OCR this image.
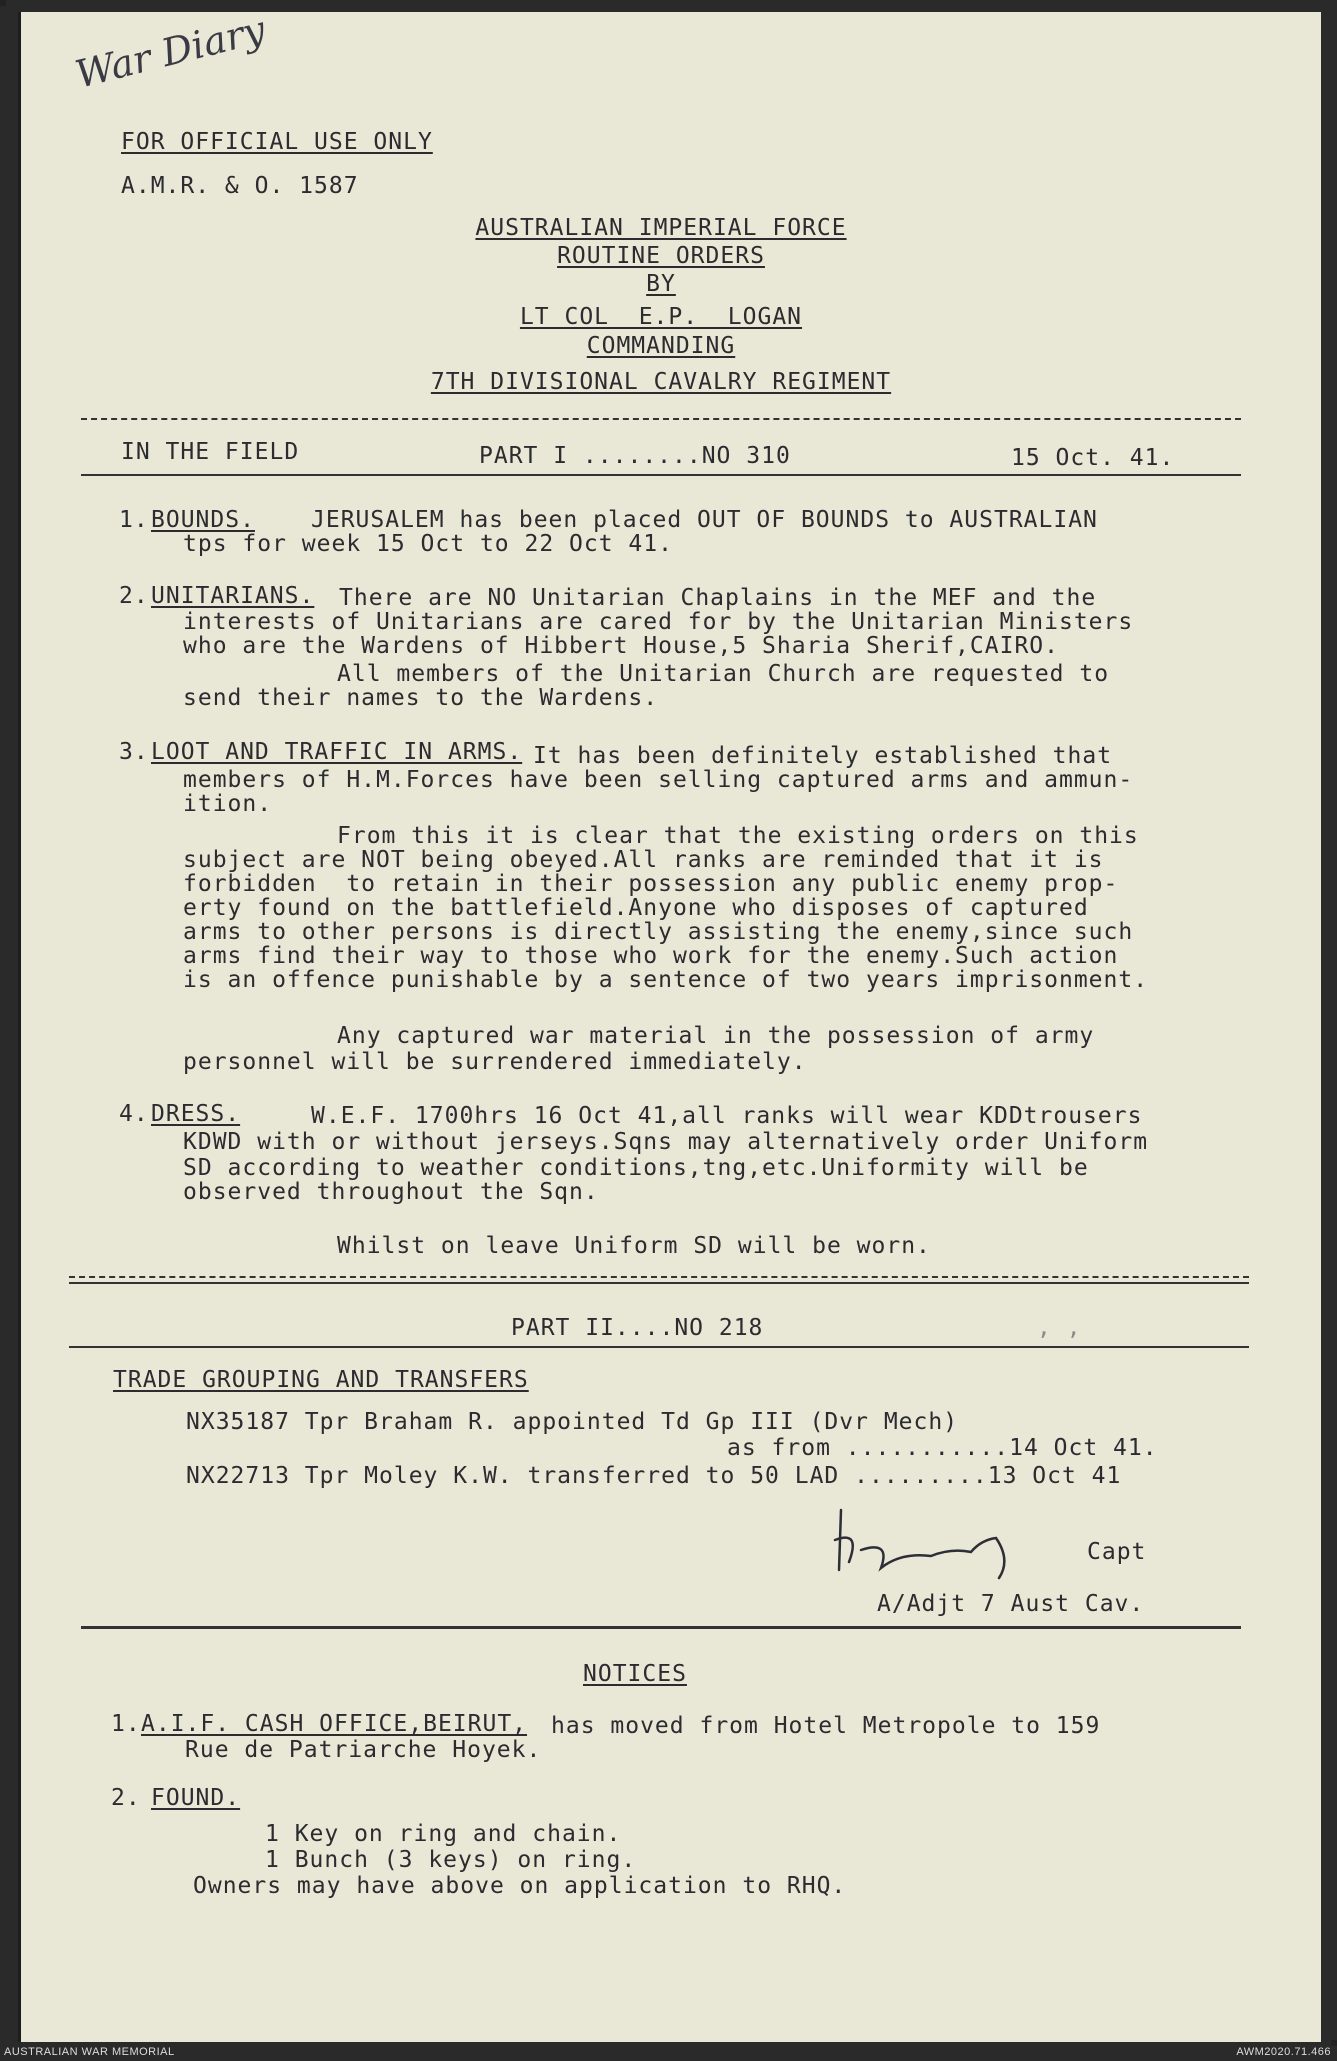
War Diary
FOR OFFICIAL USE ONLY
A.M.R. & O. 1587
AUSTRALIAN IMPERIAL FORCE
ROUTINE ORDERS
BY
LT COL  E.P.  LOGAN
COMMANDING
7TH DIVISIONAL CAVALRY REGIMENT
IN THE FIELD	PART I ........NO 310	15 Oct. 41.
1. BOUNDS. JERUSALEM has been placed OUT OF BOUNDS to AUSTRALIAN
tps for week 15 Oct to 22 Oct 41.
2. UNITARIANS. There are NO Unitarian Chaplains in the MEF and the
interests of Unitarians are cared for by the Unitarian Ministers
who are the Wardens of Hibbert House,5 Sharia Sherif,CAIRO.
All members of the Unitarian Church are requested to
send their names to the Wardens.
3. LOOT AND TRAFFIC IN ARMS. It has been definitely established that
members of H.M.Forces have been selling captured arms and ammun-
ition.
From this it is clear that the existing orders on this
subject are NOT being obeyed.All ranks are reminded that it is
forbidden  to retain in their possession any public enemy prop-
erty found on the battlefield.Anyone who disposes of captured
arms to other persons is directly assisting the enemy,since such
arms find their way to those who work for the enemy.Such action
is an offence punishable by a sentence of two years imprisonment.
Any captured war material in the possession of army
personnel will be surrendered immediately.
4. DRESS.	W.E.F. 1700hrs 16 Oct 41,all ranks will wear KDDtrousers
KDWD with or without jerseys.Sqns may alternatively order Uniform
SD according to weather conditions,tng,etc.Uniformity will be
observed throughout the Sqn.
Whilst on leave Uniform SD will be worn.
PART II....NO 218	, ,
TRADE GROUPING AND TRANSFERS
NX35187 Tpr Braham R. appointed Td Gp III (Dvr Mech)
as from ...........14 Oct 41.
NX22713 Tpr Moley K.W. transferred to 50 LAD .........13 Oct 41
Capt
A/Adjt 7 Aust Cav.
NOTICES
1. A.I.F. CASH OFFICE,BEIRUT, has moved from Hotel Metropole to 159
Rue de Patriarche Hoyek.
2. FOUND.
1 Key on ring and chain.
1 Bunch (3 keys) on ring.
Owners may have above on application to RHQ.
AUSTRALIAN WAR MEMORIAL	AWM2020.71.466
